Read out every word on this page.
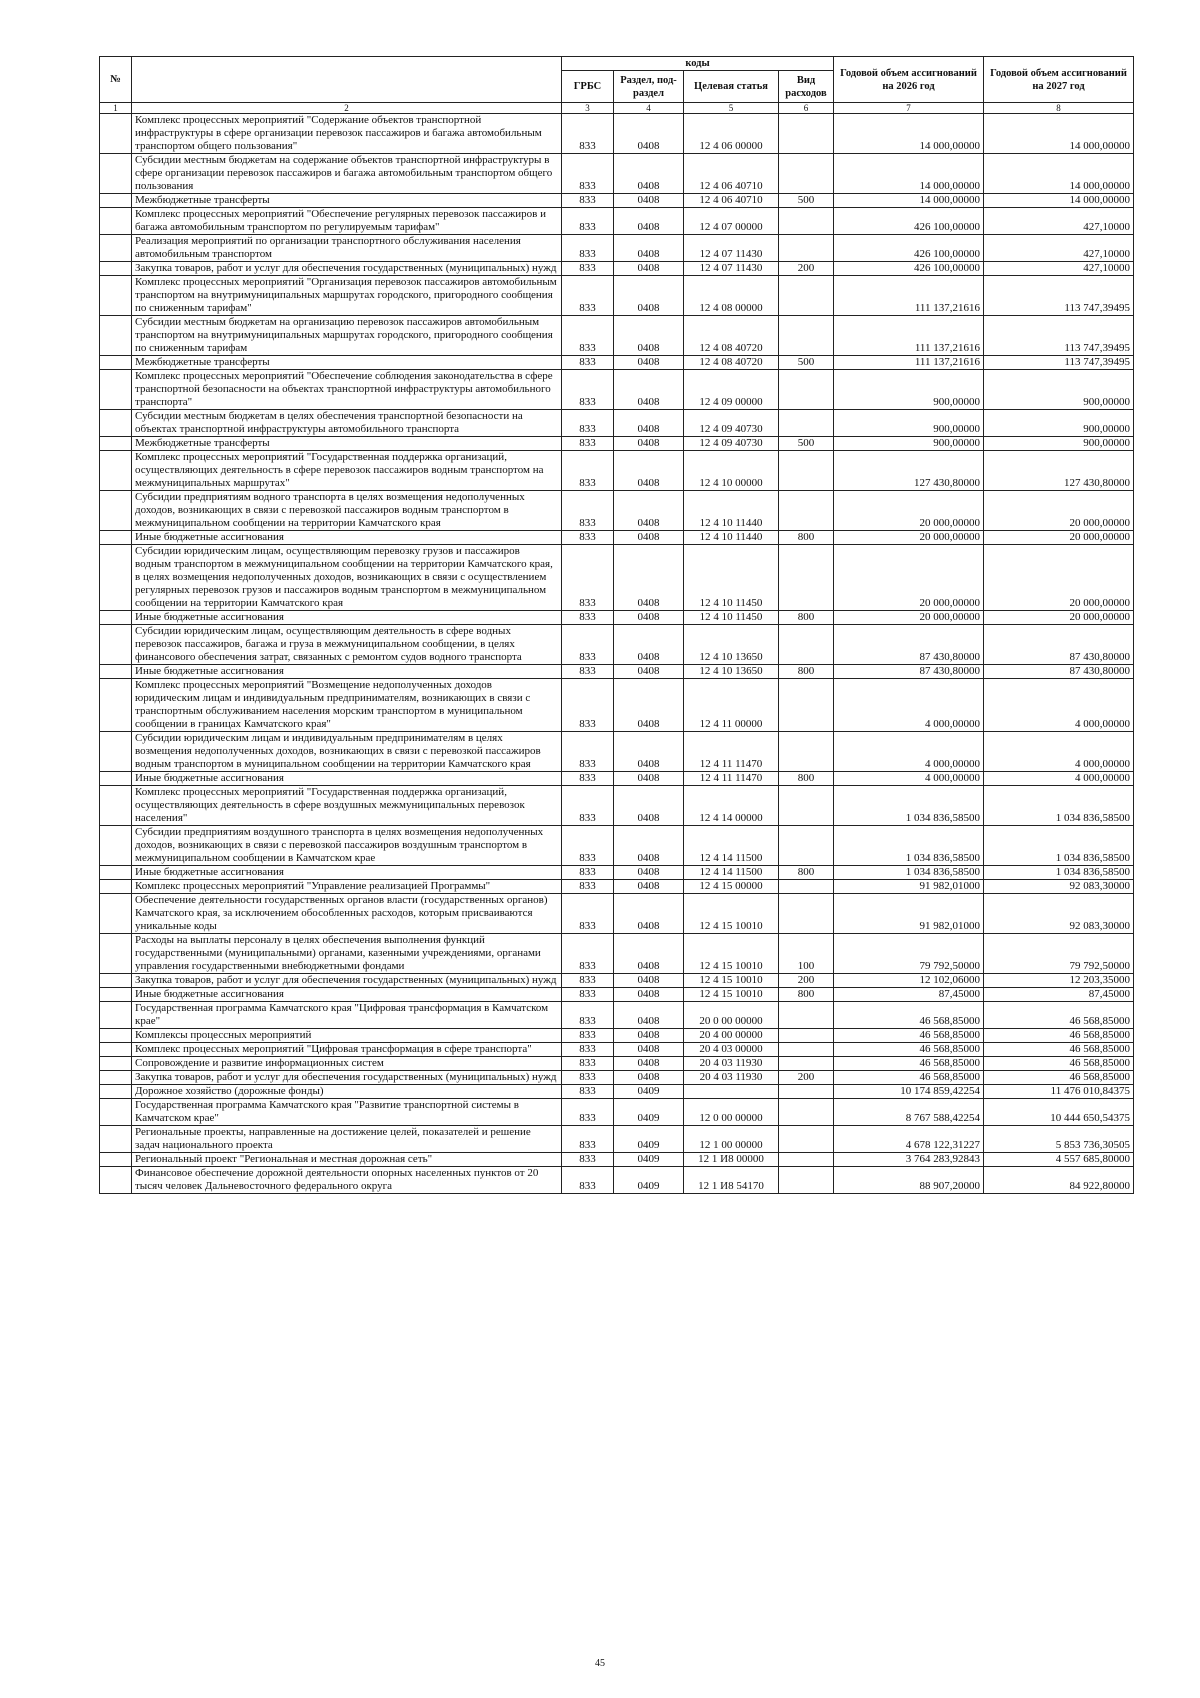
№		коды				Годовой объем ассигнований на 2026 год	Годовой объем ассигнований на 2027 год
		ГРБС	Раздел, под-раздел	Целевая статья	Вид расходов		
1	2	3	4	5	6	7	8
	Комплекс процессных мероприятий "Содержание объектов транспортной инфраструктуры в сфере организации перевозок пассажиров и багажа автомобильным транспортом общего пользования"	833	0408	12 4 06 00000		14 000,00000	14 000,00000
	Субсидии местным бюджетам на содержание объектов транспортной инфраструктуры в сфере организации перевозок пассажиров и багажа автомобильным транспортом общего пользования	833	0408	12 4 06 40710		14 000,00000	14 000,00000
	Межбюджетные трансферты	833	0408	12 4 06 40710	500	14 000,00000	14 000,00000
	Комплекс процессных мероприятий "Обеспечение регулярных перевозок пассажиров и багажа автомобильным транспортом по регулируемым тарифам"	833	0408	12 4 07 00000		426 100,00000	427,10000
	Реализация мероприятий по организации транспортного обслуживания населения автомобильным транспортом	833	0408	12 4 07 11430		426 100,00000	427,10000
	Закупка товаров, работ и услуг для обеспечения государственных (муниципальных) нужд	833	0408	12 4 07 11430	200	426 100,00000	427,10000
	Комплекс процессных мероприятий "Организация перевозок пассажиров автомобильным транспортом на внутримуниципальных маршрутах городского, пригородного сообщения по сниженным тарифам"	833	0408	12 4 08 00000		111 137,21616	113 747,39495
	Субсидии местным бюджетам на организацию перевозок пассажиров автомобильным транспортом на внутримуниципальных маршрутах городского, пригородного сообщения по сниженным тарифам	833	0408	12 4 08 40720		111 137,21616	113 747,39495
	Межбюджетные трансферты	833	0408	12 4 08 40720	500	111 137,21616	113 747,39495
	Комплекс процессных мероприятий "Обеспечение соблюдения законодательства в сфере транспортной безопасности на объектах транспортной инфраструктуры автомобильного транспорта"	833	0408	12 4 09 00000		900,00000	900,00000
	Субсидии местным бюджетам в целях обеспечения транспортной безопасности на объектах транспортной инфраструктуры автомобильного транспорта	833	0408	12 4 09 40730		900,00000	900,00000
	Межбюджетные трансферты	833	0408	12 4 09 40730	500	900,00000	900,00000
	Комплекс процессных мероприятий "Государственная поддержка организаций, осуществляющих деятельность в сфере перевозок пассажиров водным транспортом на межмуниципальных маршрутах"	833	0408	12 4 10 00000		127 430,80000	127 430,80000
	Субсидии предприятиям водного транспорта в целях возмещения недополученных доходов, возникающих в связи с перевозкой пассажиров водным транспортом в межмуниципальном сообщении на территории Камчатского края	833	0408	12 4 10 11440		20 000,00000	20 000,00000
	Иные бюджетные ассигнования	833	0408	12 4 10 11440	800	20 000,00000	20 000,00000
	Субсидии юридическим лицам, осуществляющим перевозку грузов и пассажиров водным транспортом в межмуниципальном сообщении на территории Камчатского края, в целях возмещения недополученных доходов, возникающих в связи с осуществлением регулярных перевозок грузов и пассажиров водным транспортом в межмуниципальном сообщении на территории Камчатского края	833	0408	12 4 10 11450		20 000,00000	20 000,00000
	Иные бюджетные ассигнования	833	0408	12 4 10 11450	800	20 000,00000	20 000,00000
	Субсидии юридическим лицам, осуществляющим деятельность в сфере водных перевозок пассажиров, багажа и груза в межмуниципальном сообщении, в целях финансового обеспечения затрат, связанных с ремонтом судов водного транспорта	833	0408	12 4 10 13650		87 430,80000	87 430,80000
	Иные бюджетные ассигнования	833	0408	12 4 10 13650	800	87 430,80000	87 430,80000
	Комплекс процессных мероприятий "Возмещение недополученных доходов юридическим лицам и индивидуальным предпринимателям, возникающих в связи с транспортным обслуживанием населения морским транспортом в муниципальном сообщении в границах Камчатского края"	833	0408	12 4 11 00000		4 000,00000	4 000,00000
	Субсидии юридическим лицам и индивидуальным предпринимателям в целях возмещения недополученных доходов, возникающих в связи с перевозкой пассажиров водным транспортом в муниципальном сообщении на территории Камчатского края	833	0408	12 4 11 11470		4 000,00000	4 000,00000
	Иные бюджетные ассигнования	833	0408	12 4 11 11470	800	4 000,00000	4 000,00000
	Комплекс процессных мероприятий "Государственная поддержка организаций, осуществляющих деятельность в сфере воздушных межмуниципальных перевозок населения"	833	0408	12 4 14 00000		1 034 836,58500	1 034 836,58500
	Субсидии предприятиям воздушного транспорта в целях возмещения недополученных доходов, возникающих в связи с перевозкой пассажиров воздушным транспортом в межмуниципальном сообщении в Камчатском крае	833	0408	12 4 14 11500		1 034 836,58500	1 034 836,58500
	Иные бюджетные ассигнования	833	0408	12 4 14 11500	800	1 034 836,58500	1 034 836,58500
	Комплекс процессных мероприятий "Управление реализацией Программы"	833	0408	12 4 15 00000		91 982,01000	92 083,30000
	Обеспечение деятельности государственных органов власти (государственных органов) Камчатского края, за исключением обособленных расходов, которым присваиваются уникальные коды	833	0408	12 4 15 10010		91 982,01000	92 083,30000
	Расходы на выплаты персоналу в целях обеспечения выполнения функций государственными (муниципальными) органами, казенными учреждениями, органами управления государственными внебюджетными фондами	833	0408	12 4 15 10010	100	79 792,50000	79 792,50000
	Закупка товаров, работ и услуг для обеспечения государственных (муниципальных) нужд	833	0408	12 4 15 10010	200	12 102,06000	12 203,35000
	Иные бюджетные ассигнования	833	0408	12 4 15 10010	800	87,45000	87,45000
	Государственная программа Камчатского края "Цифровая трансформация в Камчатском крае"	833	0408	20 0 00 00000		46 568,85000	46 568,85000
	Комплексы процессных мероприятий	833	0408	20 4 00 00000		46 568,85000	46 568,85000
	Комплекс процессных мероприятий "Цифровая трансформация в сфере транспорта"	833	0408	20 4 03 00000		46 568,85000	46 568,85000
	Сопровождение и развитие информационных систем	833	0408	20 4 03 11930		46 568,85000	46 568,85000
	Закупка товаров, работ и услуг для обеспечения государственных (муниципальных) нужд	833	0408	20 4 03 11930	200	46 568,85000	46 568,85000
	Дорожное хозяйство (дорожные фонды)	833	0409			10 174 859,42254	11 476 010,84375
	Государственная программа Камчатского края "Развитие транспортной системы в Камчатском крае"	833	0409	12 0 00 00000		8 767 588,42254	10 444 650,54375
	Региональные проекты, направленные на достижение целей, показателей и решение задач национального проекта	833	0409	12 1 00 00000		4 678 122,31227	5 853 736,30505
	Региональный проект "Региональная и местная дорожная сеть"	833	0409	12 1 И8 00000		3 764 283,92843	4 557 685,80000
	Финансовое обеспечение дорожной деятельности опорных населенных пунктов от 20 тысяч человек Дальневосточного федерального округа	833	0409	12 1 И8 54170		88 907,20000	84 922,80000
45
